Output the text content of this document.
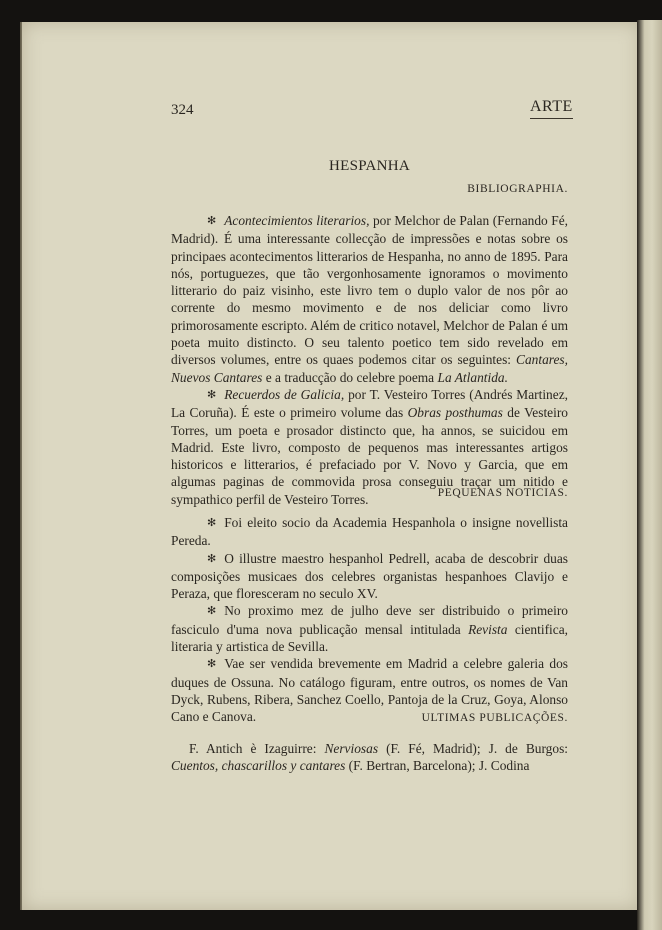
324	ARTE
HESPANHA
BIBLIOGRAPHIA.

✻ Acontecimientos literarios, por Melchor de Palan (Fernando Fé, Madrid). É uma interessante collecção de impressões e notas sobre os principaes acontecimentos litterarios de Hespanha, no anno de 1895. Para nós, portuguezes, que tão vergonhosamente ignoramos o movimento litterario do paiz visinho, este livro tem o duplo valor de nos pôr ao corrente do mesmo movimento e de nos deliciar como livro primorosamente escripto. Além de critico notavel, Melchor de Palan é um poeta muito distincto. O seu talento poetico tem sido revelado em diversos volumes, entre os quaes podemos citar os seguintes: Cantares, Nuevos Cantares e a traducção do celebre poema La Atlantida.

✻ Recuerdos de Galicia, por T. Vesteiro Torres (Andrés Martinez, La Coruña). É este o primeiro volume das Obras posthumas de Vesteiro Torres, um poeta e prosador distincto que, ha annos, se suicidou em Madrid. Este livro, composto de pequenos mas interessantes artigos historicos e litterarios, é prefaciado por V. Novo y Garcia, que em algumas paginas de commovida prosa conseguiu traçar um nitido e sympathico perfil de Vesteiro Torres.	PEQUENAS NOTICIAS.

✻ Foi eleito socio da Academia Hespanhola o insigne novellista Pereda.

✻ O illustre maestro hespanhol Pedrell, acaba de descobrir duas composições musicaes dos celebres organistas hespanhoes Clavijo e Peraza, que floresceram no seculo XV.

✻ No proximo mez de julho deve ser distribuido o primeiro fasciculo d'uma nova publicação mensal intitulada Revista cientifica, literaria y artistica de Sevilla.

✻ Vae ser vendida brevemente em Madrid a celebre galeria dos duques de Ossuna. No catálogo figuram, entre outros, os nomes de Van Dyck, Rubens, Ribera, Sanchez Coello, Pantoja de la Cruz, Goya, Alonso Cano e Canova.	ULTIMAS PUBLICAÇÕES.

F. Antich è Izaguirre: Nerviosas (F. Fé, Madrid); J. de Burgos: Cuentos, chascarillos y cantares (F. Bertran, Barcelona); J. Codina
